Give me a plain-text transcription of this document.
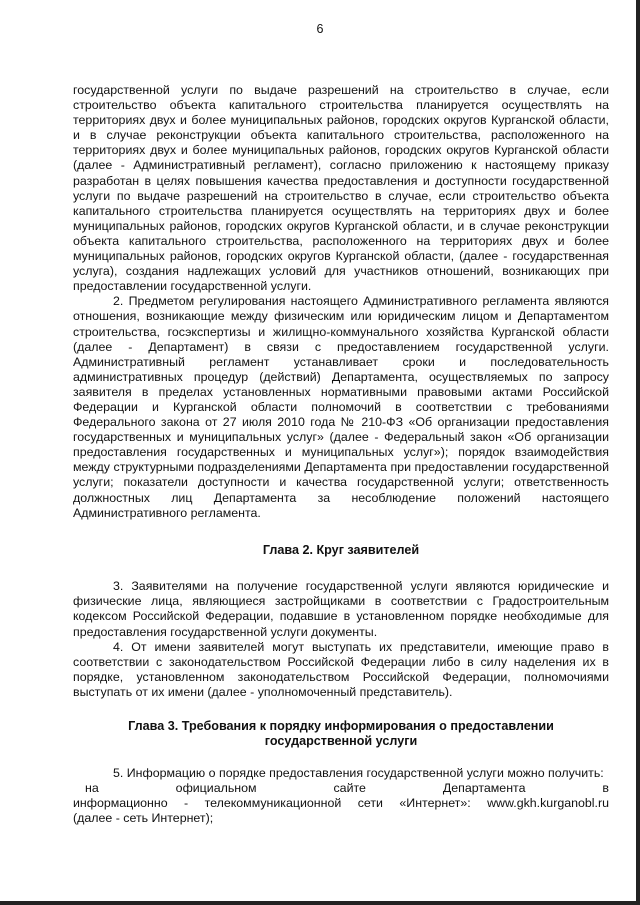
6

государственной услуги по выдаче разрешений на строительство в случае, если строительство объекта капитального строительства планируется осуществлять на территориях двух и более муниципальных районов, городских округов Курганской области, и в случае реконструкции объекта капитального строительства, расположенного на территориях двух и более муниципальных районов, городских округов Курганской области (далее - Административный регламент), согласно приложению к настоящему приказу разработан в целях повышения качества предоставления и доступности государственной услуги по выдаче разрешений на строительство в случае, если строительство объекта капитального строительства планируется осуществлять на территориях двух и более муниципальных районов, городских округов Курганской области, и в случае реконструкции объекта капитального строительства, расположенного на территориях двух и более муниципальных районов, городских округов Курганской области, (далее - государственная услуга), создания надлежащих условий для участников отношений, возникающих при предоставлении государственной услуги.

2. Предметом регулирования настоящего Административного регламента являются отношения, возникающие между физическим или юридическим лицом и Департаментом строительства, госэкспертизы и жилищно-коммунального хозяйства Курганской области (далее - Департамент) в связи с предоставлением государственной услуги. Административный регламент устанавливает сроки и последовательность административных процедур (действий) Департамента, осуществляемых по запросу заявителя в пределах установленных нормативными правовыми актами Российской Федерации и Курганской области полномочий в соответствии с требованиями Федерального закона от 27 июля 2010 года № 210-ФЗ «Об организации предоставления государственных и муниципальных услуг» (далее - Федеральный закон «Об организации предоставления государственных и муниципальных услуг»); порядок взаимодействия между структурными подразделениями Департамента при предоставлении государственной услуги; показатели доступности и качества государственной услуги; ответственность должностных лиц Департамента за несоблюдение положений настоящего Административного регламента.

Глава 2. Круг заявителей

3. Заявителями на получение государственной услуги являются юридические и физические лица, являющиеся застройщиками в соответствии с Градостроительным кодексом Российской Федерации, подавшие в установленном порядке необходимые для предоставления государственной услуги документы.

4. От имени заявителей могут выступать их представители, имеющие право в соответствии с законодательством Российской Федерации либо в силу наделения их в порядке, установленном законодательством Российской Федерации, полномочиями выступать от их имени (далее - уполномоченный представитель).

Глава 3. Требования к порядку информирования о предоставлении

государственной услуги

5. Информацию о порядке предоставления государственной услуги можно получить:

на официальном сайте Департамента в

информационно - телекоммуникационной сети «Интернет»: www.gkh.kurganobl.ru

(далее - сеть Интернет);
